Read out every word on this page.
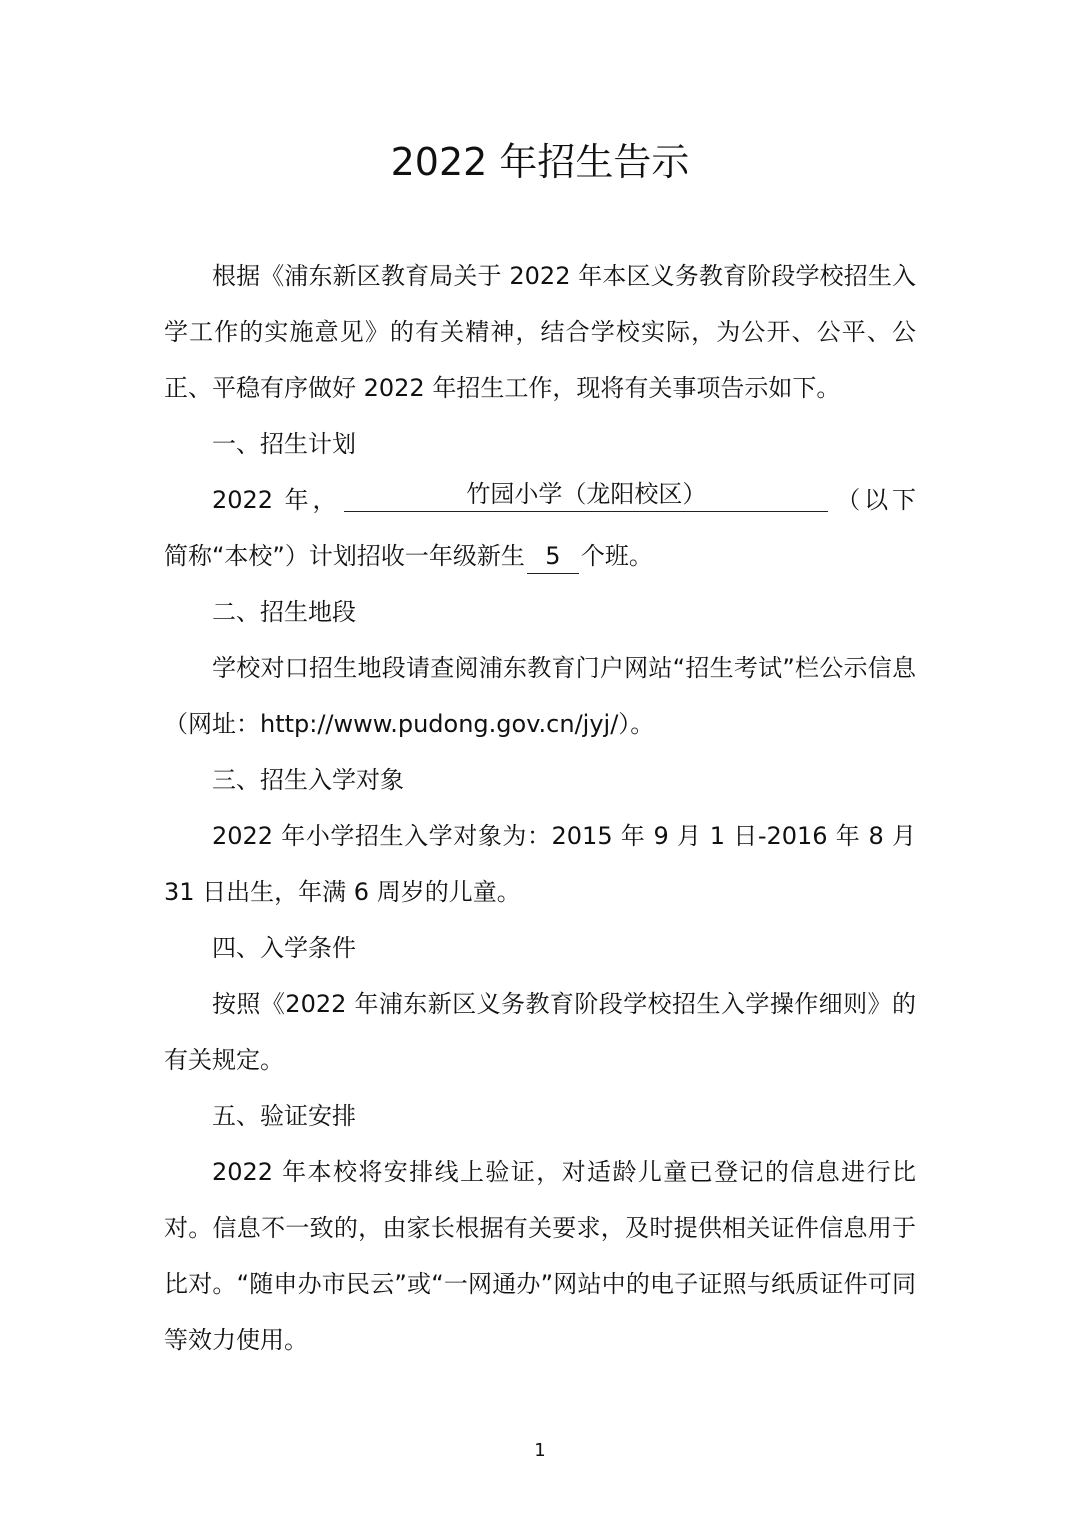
2022 年招生告示

根据《浦东新区教育局关于 2022 年本区义务教育阶段学校招生入学工作的实施意见》的有关精神，结合学校实际，为公开、公平、公正、平稳有序做好 2022 年招生工作，现将有关事项告示如下。

一、招生计划

2022 年，	竹园小学（龙阳校区）	（以下简称“本校”）计划招收一年级新生 5 个班。

二、招生地段

学校对口招生地段请查阅浦东教育门户网站“招生考试”栏公示信息（网址：http://www.pudong.gov.cn/jyj/）。

三、招生入学对象

2022 年小学招生入学对象为：2015 年 9 月 1 日-2016 年 8 月 31 日出生，年满 6 周岁的儿童。

四、入学条件

按照《2022 年浦东新区义务教育阶段学校招生入学操作细则》的有关规定。

五、验证安排

2022 年本校将安排线上验证，对适龄儿童已登记的信息进行比对。信息不一致的，由家长根据有关要求，及时提供相关证件信息用于比对。“随申办市民云”或“一网通办”网站中的电子证照与纸质证件可同等效力使用。

1
